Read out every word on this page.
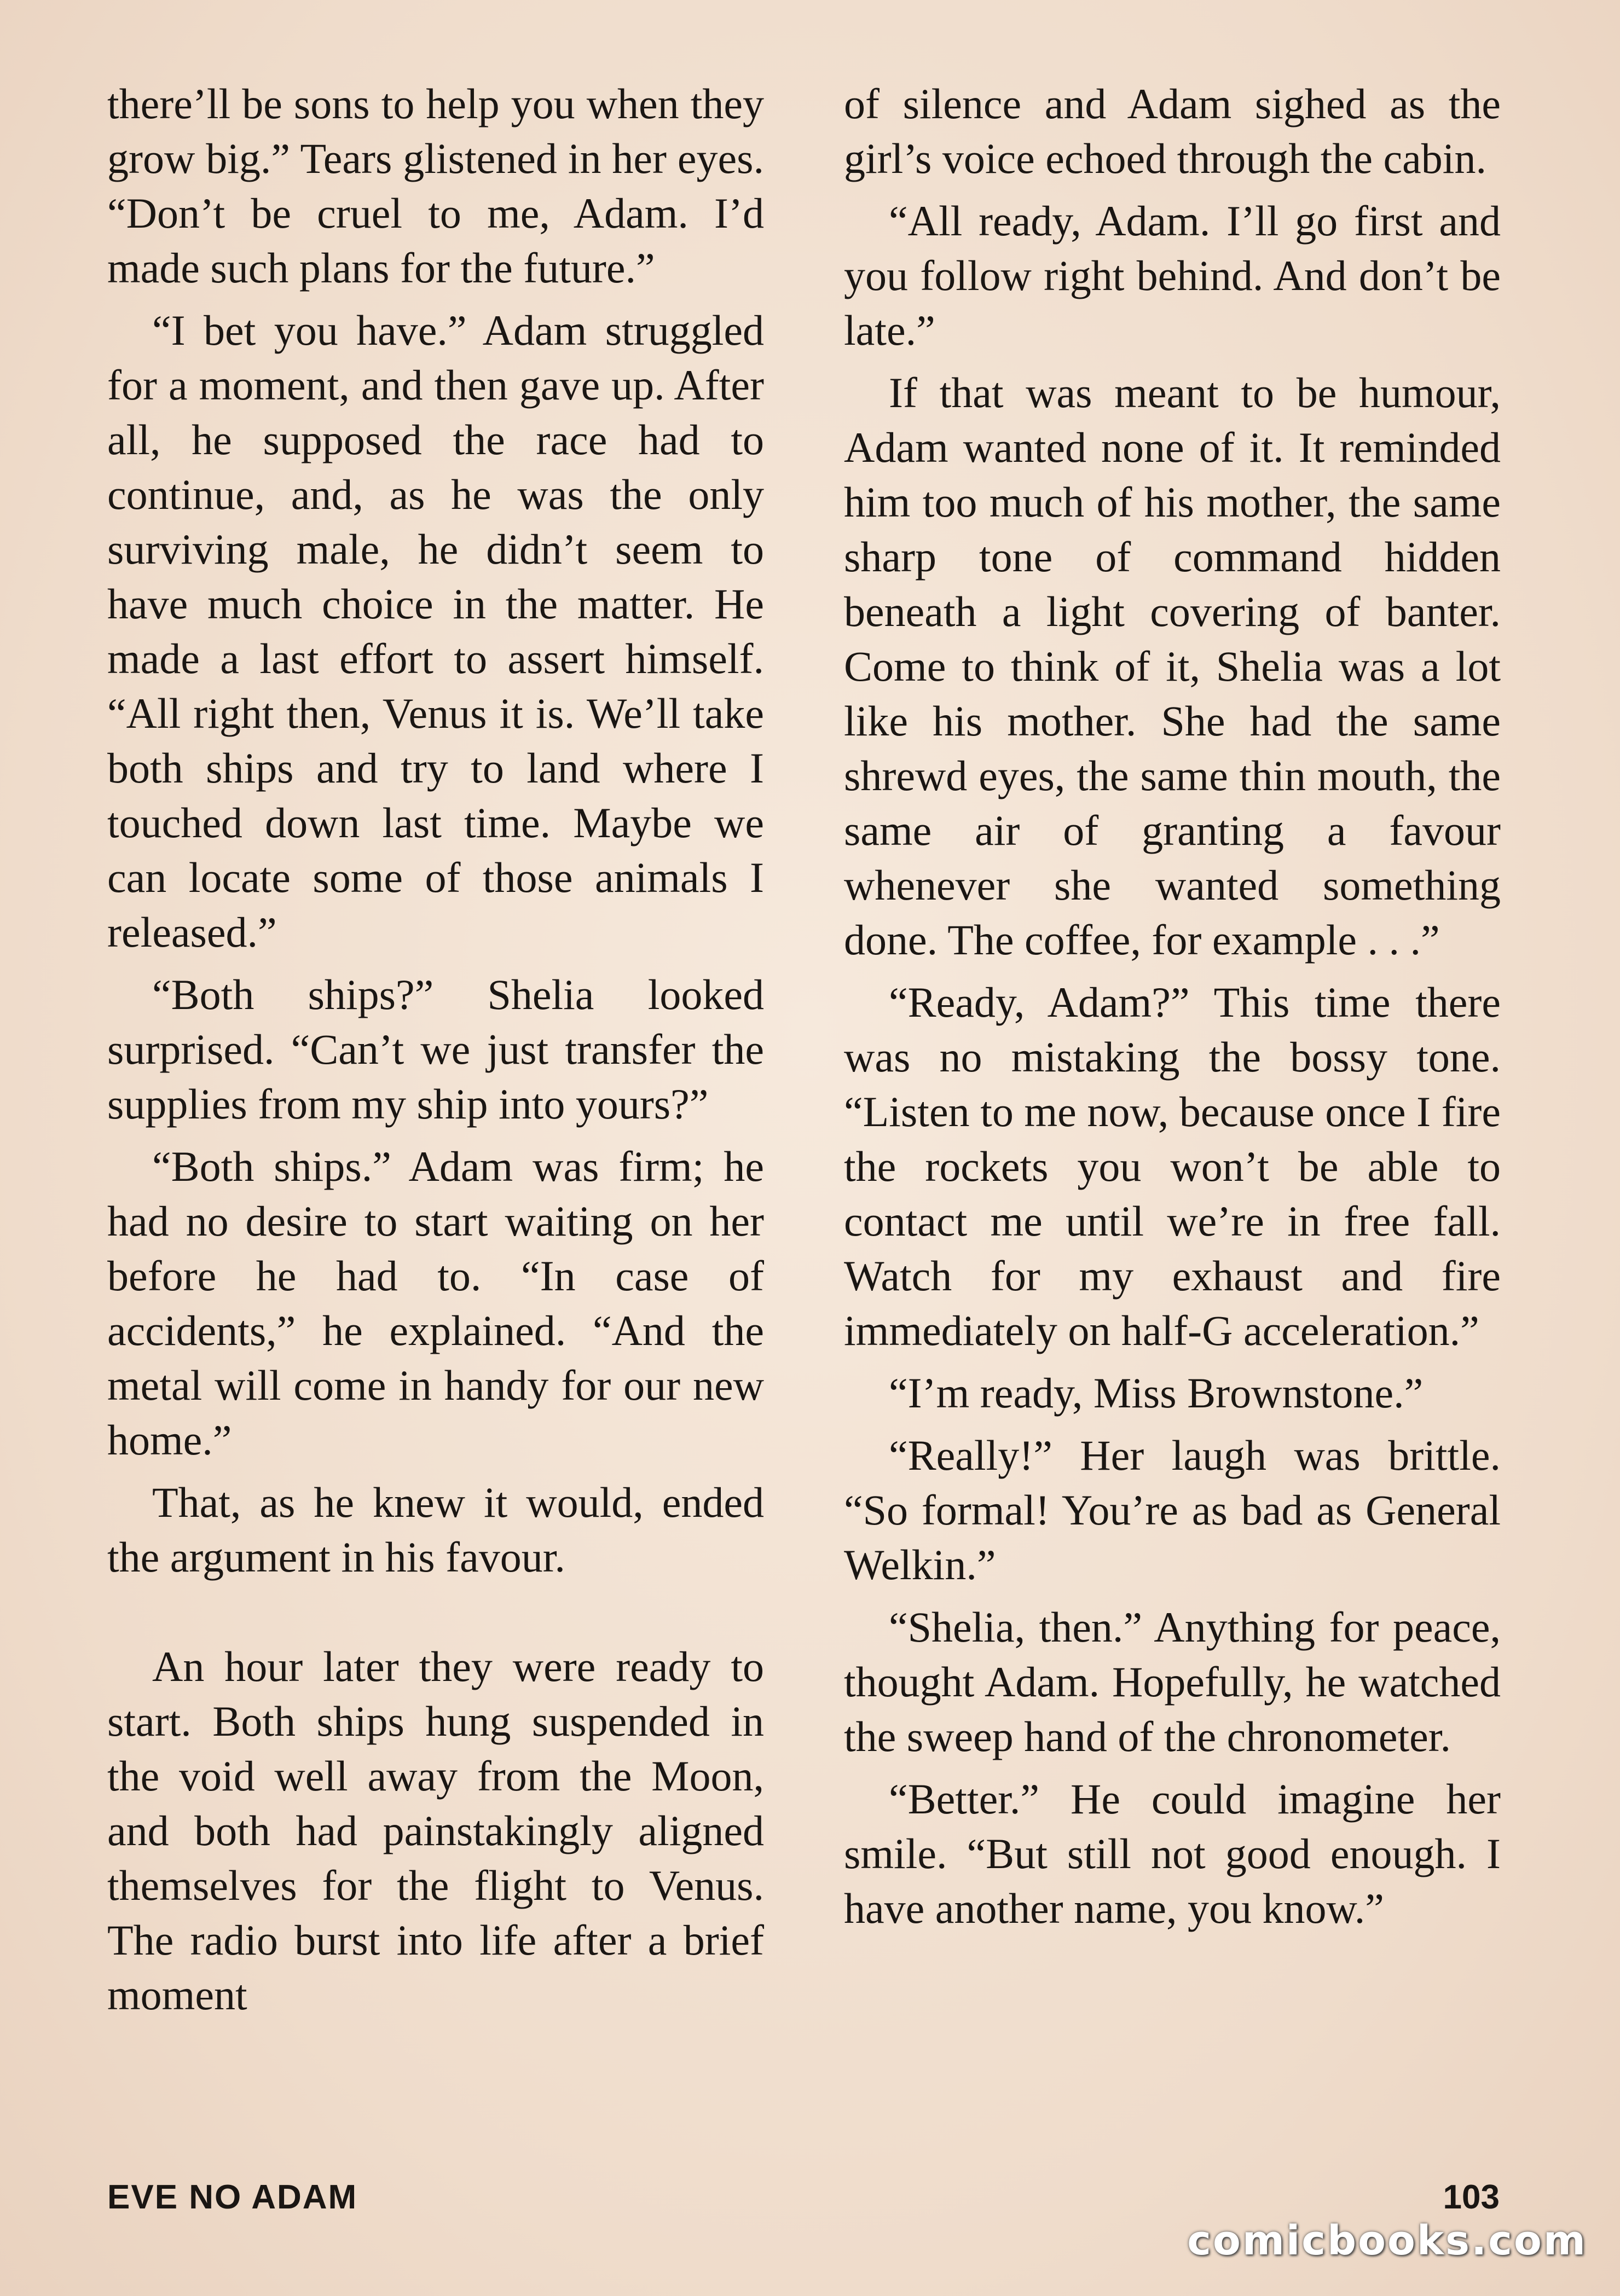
there’ll be sons to help you when they grow big.” Tears glistened in her eyes. “Don’t be cruel to me, Adam. I’d made such plans for the future.”

“I bet you have.” Adam struggled for a moment, and then gave up. After all, he supposed the race had to continue, and, as he was the only surviving male, he didn’t seem to have much choice in the matter. He made a last effort to assert himself. “All right then, Venus it is. We’ll take both ships and try to land where I touched down last time. Maybe we can locate some of those animals I released.”

“Both ships?” Shelia looked surprised. “Can’t we just transfer the supplies from my ship into yours?”

“Both ships.” Adam was firm; he had no desire to start waiting on her before he had to. “In case of accidents,” he explained. “And the metal will come in handy for our new home.”

That, as he knew it would, ended the argument in his favour.

An hour later they were ready to start. Both ships hung suspended in the void well away from the Moon, and both had painstakingly aligned themselves for the flight to Venus. The radio burst into life after a brief moment

of silence and Adam sighed as the girl’s voice echoed through the cabin.

“All ready, Adam. I’ll go first and you follow right behind. And don’t be late.”

If that was meant to be humour, Adam wanted none of it. It reminded him too much of his mother, the same sharp tone of command hidden beneath a light covering of banter. Come to think of it, Shelia was a lot like his mother. She had the same shrewd eyes, the same thin mouth, the same air of granting a favour whenever she wanted something done. The coffee, for example . . .”

“Ready, Adam?” This time there was no mistaking the bossy tone. “Listen to me now, because once I fire the rockets you won’t be able to contact me until we’re in free fall. Watch for my exhaust and fire immediately on half-G acceleration.”

“I’m ready, Miss Brownstone.”

“Really!” Her laugh was brittle. “So formal! You’re as bad as General Welkin.”

“Shelia, then.” Anything for peace, thought Adam. Hopefully, he watched the sweep hand of the chronometer.

“Better.” He could imagine her smile. “But still not good enough. I have another name, you know.”

EVE NO ADAM	103
comicbooks.com
